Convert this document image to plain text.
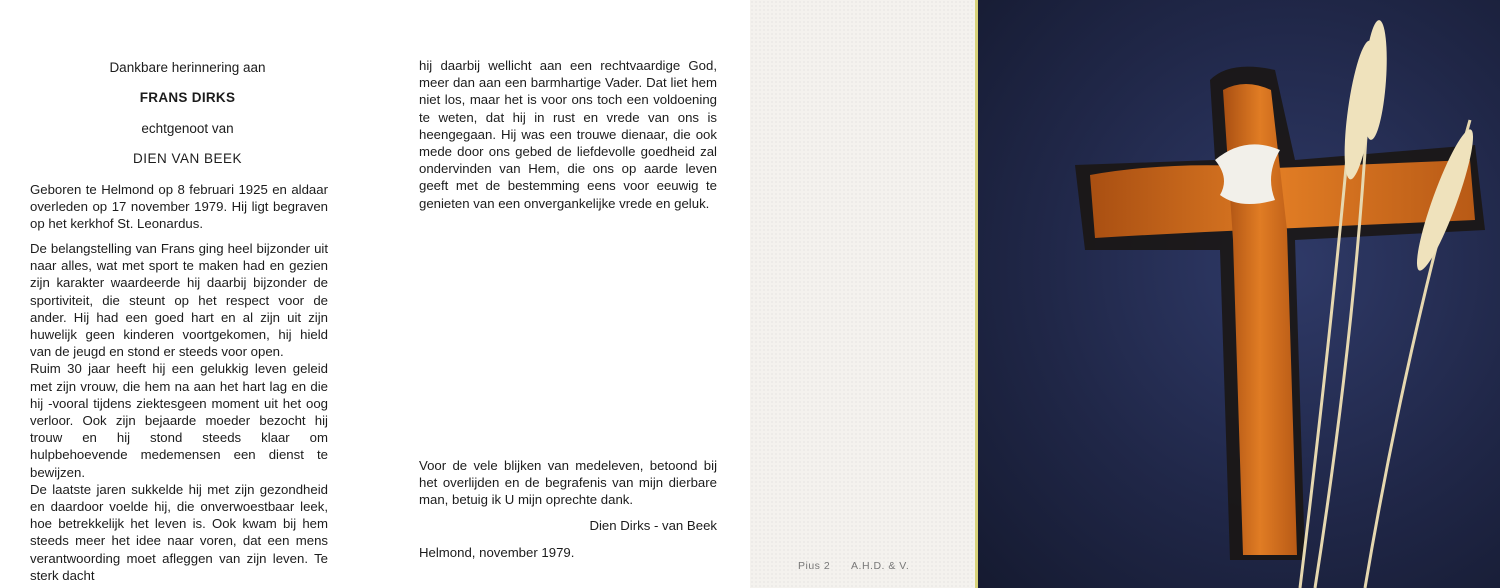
Dankbare herinnering aan
FRANS DIRKS
echtgenoot van
DIEN VAN BEEK

Geboren te Helmond op 8 februari 1925 en aldaar overleden op 17 november 1979. Hij ligt begraven op het kerkhof St. Leonardus.

De belangstelling van Frans ging heel bijzonder uit naar alles, wat met sport te maken had en gezien zijn karakter waardeerde hij daarbij bijzonder de sportiviteit, die steunt op het respect voor de ander. Hij had een goed hart en al zijn uit zijn huwelijk geen kinderen voortgekomen, hij hield van de jeugd en stond er steeds voor open.

Ruim 30 jaar heeft hij een gelukkig leven geleid met zijn vrouw, die hem na aan het hart lag en die hij -vooral tijdens ziektesgeen moment uit het oog verloor. Ook zijn bejaarde moeder bezocht hij trouw en hij stond steeds klaar om hulpbehoevende medemensen een dienst te bewijzen.

De laatste jaren sukkelde hij met zijn gezondheid en daardoor voelde hij, die onverwoestbaar leek, hoe betrekkelijk het leven is. Ook kwam bij hem steeds meer het idee naar voren, dat een mens verantwoording moet afleggen van zijn leven. Te sterk dacht

hij daarbij wellicht aan een rechtvaardige God, meer dan aan een barmhartige Vader. Dat liet hem niet los, maar het is voor ons toch een voldoening te weten, dat hij in rust en vrede van ons is heengegaan. Hij was een trouwe dienaar, die ook mede door ons gebed de liefdevolle goedheid zal ondervinden van Hem, die ons op aarde leven geeft met de bestemming eens voor eeuwig te genieten van een onvergankelijke vrede en geluk.

Voor de vele blijken van medeleven, betoond bij het overlijden en de begrafenis van mijn dierbare man, betuig ik U mijn oprechte dank.

Dien Dirks - van Beek
Helmond, november 1979.
Pius 2 A.H.D. & V.
